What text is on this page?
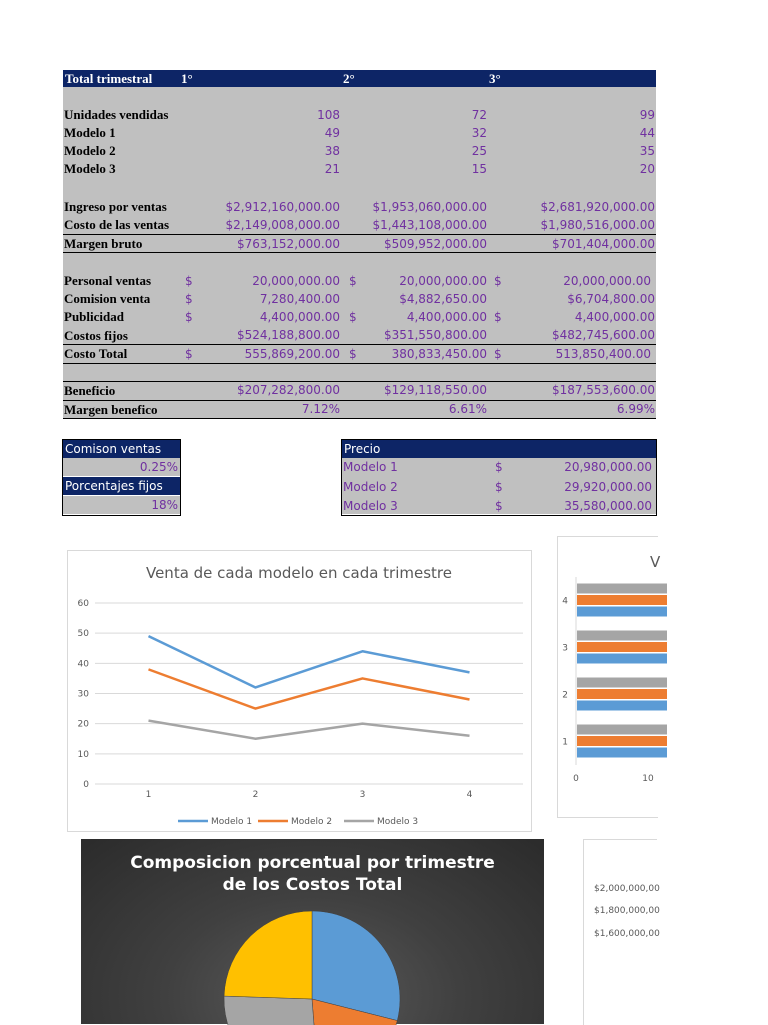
Total trimestral 1°	2°	3°
Unidades vendidas	108	72	99
Modelo 1	49	32	44
Modelo 2	38	25	35
Modelo 3	21	15	20
Ingreso por ventas	$2,912,160,000.00	$1,953,060,000.00	$2,681,920,000.00
Costo de las ventas	$2,149,008,000.00	$1,443,108,000.00	$1,980,516,000.00
Margen bruto	$763,152,000.00	$509,952,000.00	$701,404,000.00
Personal ventas	$	20,000,000.00 $	20,000,000.00 $	20,000,000.00
Comision venta	$	7,280,400.00	$4,882,650.00	$6,704,800.00
Publicidad	$	4,400,000.00 $	4,400,000.00 $	4,400,000.00
Costos fijos	$524,188,800.00	$351,550,800.00	$482,745,600.00
Costo Total	$	555,869,200.00 $	380,833,450.00 $	513,850,400.00
Beneficio	$207,282,800.00	$129,118,550.00	$187,553,600.00
Margen benefico	7.12%	6.61%	6.99%
Comison ventas
0.25%
Porcentajes fijos
18%
Precio
Modelo 1	$	20,980,000.00
Modelo 2	$	29,920,000.00
Modelo 3	$	35,580,000.00
Venta de cada modelo en cada trimestre
0
10
20
30
40
50
60
1	2	3	4
Modelo 1	Modelo 2	Modelo 3
V
4
3
2
1
0	10
Composicion porcentual por trimestre
de los Costos Total	$2,000,000,00
$1,800,000,00
$1,600,000,00
